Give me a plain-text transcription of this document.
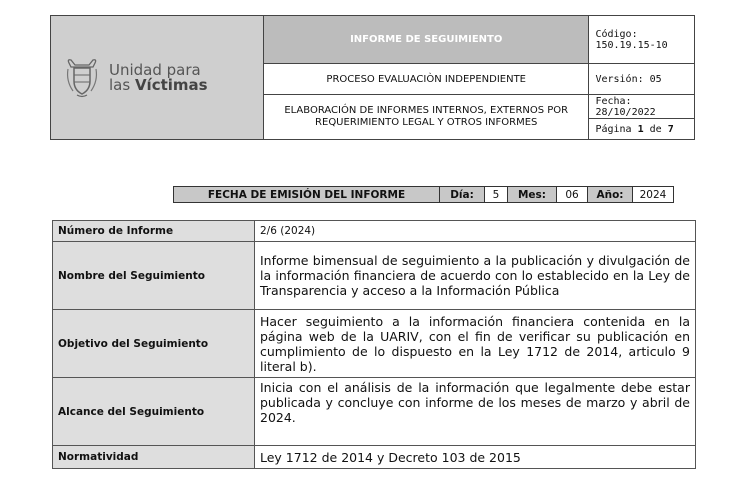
Unidad para
las Víctimas	INFORME DE SEGUIMIENTO	Código: 150.19.15-10
	PROCESO EVALUACIÒN INDEPENDIENTE	Versión: 05
	ELABORACIÓN DE INFORMES INTERNOS, EXTERNOS POR REQUERIMIENTO LEGAL Y OTROS INFORMES	Fecha: 28/10/2022
		Página 1 de 7
FECHA DE EMISIÓN DEL INFORME	Día:	5	Mes:	06	Año:	2024
Número de Informe	2/6 (2024)
Nombre del Seguimiento	Informe bimensual de seguimiento a la publicación y divulgación de la información financiera de acuerdo con lo establecido en la Ley de Transparencia y acceso a la Información Pública
Objetivo del Seguimiento	Hacer seguimiento a la información financiera contenida en la página web de la UARIV, con el fin de verificar su publicación en cumplimiento de lo dispuesto en la Ley 1712 de 2014, articulo 9 literal b).
Alcance del Seguimiento	Inicia con el análisis de la información que legalmente debe estar publicada y concluye con informe de los meses de marzo y abril de 2024.
Normatividad	Ley 1712 de 2014 y Decreto 103 de 2015
